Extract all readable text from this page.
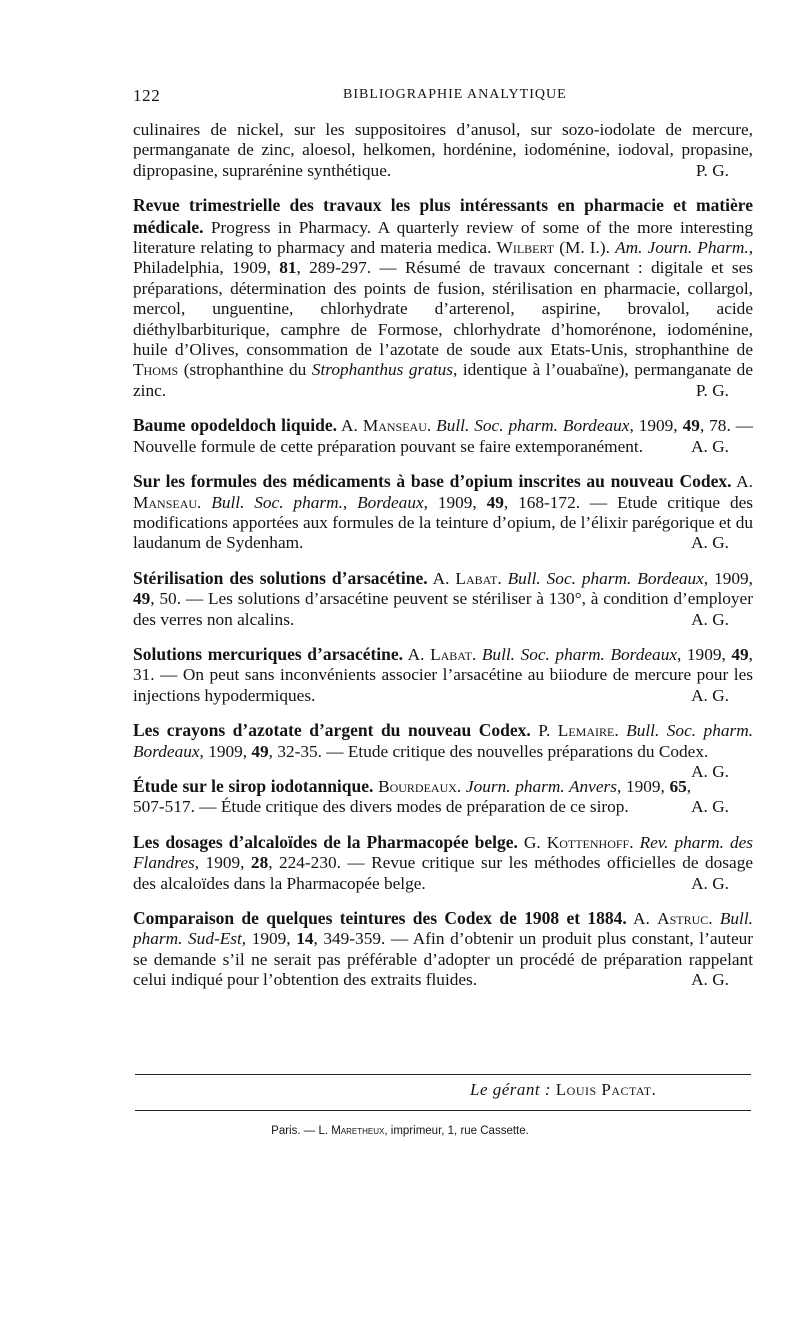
122	BIBLIOGRAPHIE ANALYTIQUE

culinaires de nickel, sur les suppositoires d’anusol, sur sozo-iodolate de mercure, permanganate de zinc, aloesol, helkomen, hordénine, iodoménine, iodoval, propasine, dipropasine, suprarénine synthétique.	P. G.

Revue trimestrielle des travaux les plus intéressants en pharmacie et matière médicale. Progress in Pharmacy. A quarterly review of some of the more interesting literature relating to pharmacy and materia medica. Wilbert (M. I.). Am. Journ. Pharm., Philadelphia, 1909, 81, 289-297. — Résumé de travaux concernant : digitale et ses préparations, détermination des points de fusion, stérilisation en pharmacie, collargol, mercol, unguentine, chlorhydrate d’arterenol, aspirine, brovalol, acide diéthylbarbiturique, camphre de Formose, chlorhydrate d’homorénone, iodoménine, huile d’Olives, consommation de l’azotate de soude aux Etats-Unis, strophanthine de Thoms (strophanthine du Strophanthus gratus, identique à l’ouabaïne), permanganate de zinc.	P. G.

Baume opodeldoch liquide. A. Manseau. Bull. Soc. pharm. Bordeaux, 1909, 49, 78. — Nouvelle formule de cette préparation pouvant se faire extemporanément.	A. G.

Sur les formules des médicaments à base d’opium inscrites au nouveau Codex. A. Manseau. Bull. Soc. pharm., Bordeaux, 1909, 49, 168-172. — Etude critique des modifications apportées aux formules de la teinture d’opium, de l’élixir parégorique et du laudanum de Sydenham.	A. G.

Stérilisation des solutions d’arsacétine. A. Labat. Bull. Soc. pharm. Bordeaux, 1909, 49, 50. — Les solutions d’arsacétine peuvent se stériliser à 130°, à condition d’employer des verres non alcalins.	A. G.

Solutions mercuriques d’arsacétine. A. Labat. Bull. Soc. pharm. Bordeaux, 1909, 49, 31. — On peut sans inconvénients associer l’arsacétine au biiodure de mercure pour les injections hypodermiques.	A. G.

Les crayons d’azotate d’argent du nouveau Codex. P. Lemaire. Bull. Soc. pharm. Bordeaux, 1909, 49, 32-35. — Etude critique des nouvelles préparations du Codex.
A. G.

Étude sur le sirop iodotannique. Bourdeaux. Journ. pharm. Anvers, 1909, 65, 507-517. — Étude critique des divers modes de préparation de ce sirop.	A. G.

Les dosages d’alcaloïdes de la Pharmacopée belge. G. Kottenhoff. Rev. pharm. des Flandres, 1909, 28, 224-230. — Revue critique sur les méthodes officielles de dosage des alcaloïdes dans la Pharmacopée belge.	A. G.

Comparaison de quelques teintures des Codex de 1908 et 1884. A. Astruc. Bull. pharm. Sud-Est, 1909, 14, 349-359. — Afin d’obtenir un produit plus constant, l’auteur se demande s’il ne serait pas préférable d’adopter un procédé de préparation rappelant celui indiqué pour l’obtention des extraits fluides.	A. G.

Le gérant : Louis Pactat.
Paris. — L. Maretheux, imprimeur, 1, rue Cassette.
